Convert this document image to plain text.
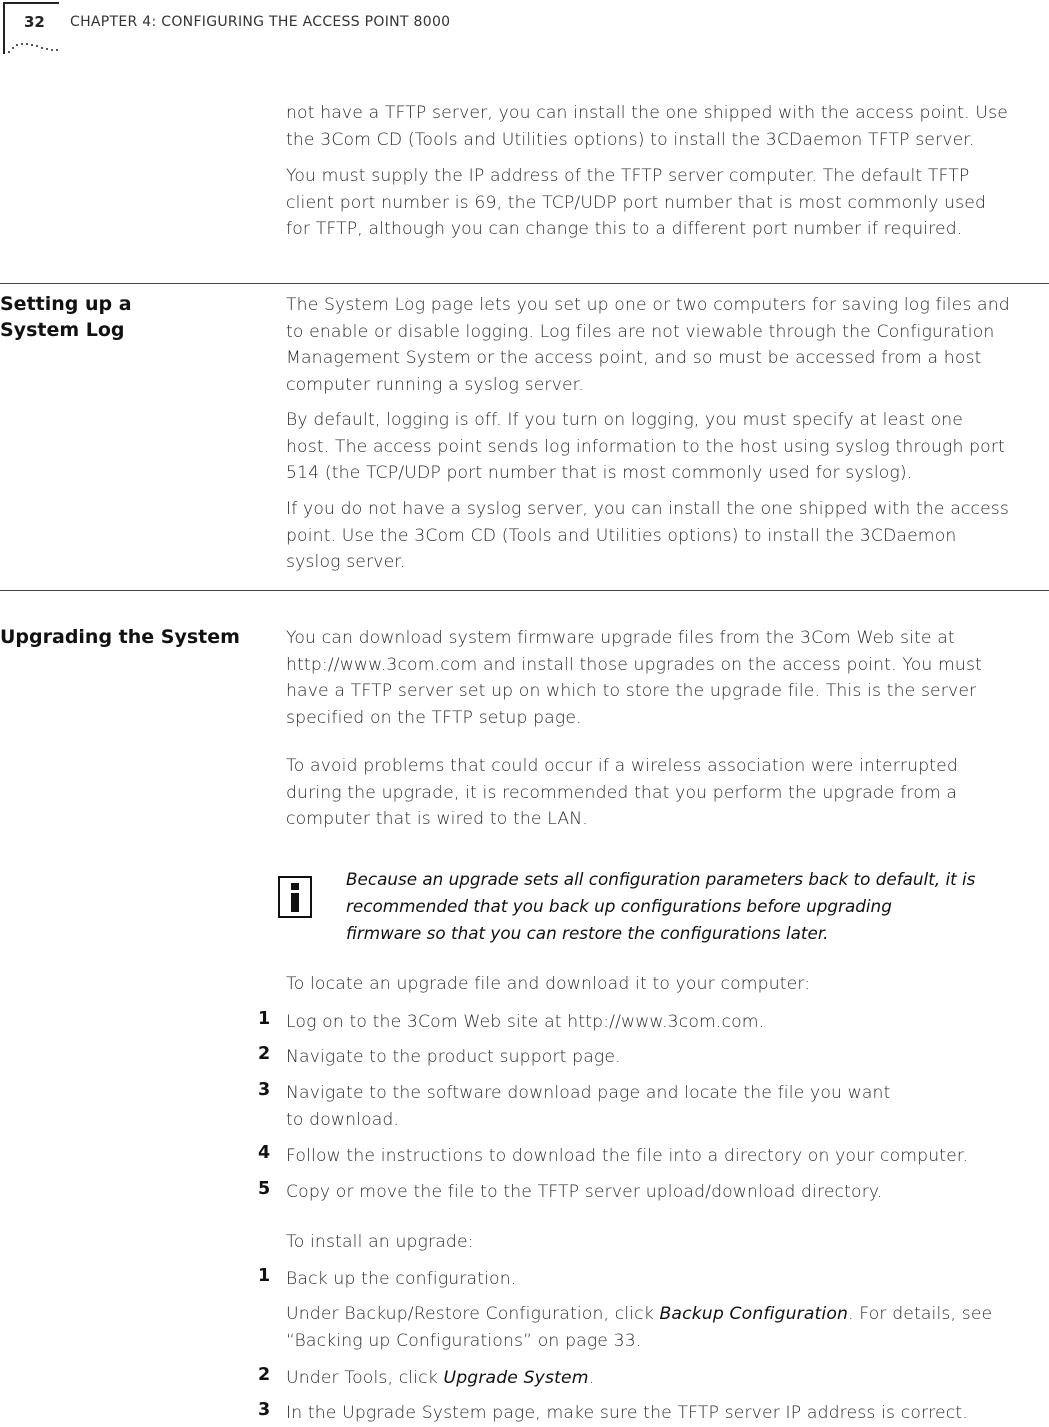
32 CHAPTER 4: CONFIGURING THE ACCESS POINT 8000
not have a TFTP server, you can install the one shipped with the access point. Use
the 3Com CD (Tools and Utilities options) to install the 3CDaemon TFTP server.
You must supply the IP address of the TFTP server computer. The default TFTP
client port number is 69, the TCP/UDP port number that is most commonly used
for TFTP, although you can change this to a different port number if required.
Setting up a
System Log
The System Log page lets you set up one or two computers for saving log files and
to enable or disable logging. Log files are not viewable through the Configuration
Management System or the access point, and so must be accessed from a host
computer running a syslog server.
By default, logging is off. If you turn on logging, you must specify at least one
host. The access point sends log information to the host using syslog through port
514 (the TCP/UDP port number that is most commonly used for syslog).
If you do not have a syslog server, you can install the one shipped with the access
point. Use the 3Com CD (Tools and Utilities options) to install the 3CDaemon
syslog server.
Upgrading the System	You can download system firmware upgrade files from the 3Com Web site at
http://www.3com.com and install those upgrades on the access point. You must
have a TFTP server set up on which to store the upgrade file. This is the server
specified on the TFTP setup page.
To avoid problems that could occur if a wireless association were interrupted
during the upgrade, it is recommended that you perform the upgrade from a
computer that is wired to the LAN.
Because an upgrade sets all configuration parameters back to default, it is
recommended that you back up configurations before upgrading
firmware so that you can restore the configurations later.
To locate an upgrade file and download it to your computer:
1 Log on to the 3Com Web site at http://www.3com.com.
2 Navigate to the product support page.
3 Navigate to the software download page and locate the file you want
to download.
4 Follow the instructions to download the file into a directory on your computer.
5 Copy or move the file to the TFTP server upload/download directory.
To install an upgrade:
1 Back up the configuration.
Under Backup/Restore Configuration, click Backup Configuration. For details, see
“Backing up Configurations” on page 33.
2 Under Tools, click Upgrade System.
3 In the Upgrade System page, make sure the TFTP server IP address is correct.
